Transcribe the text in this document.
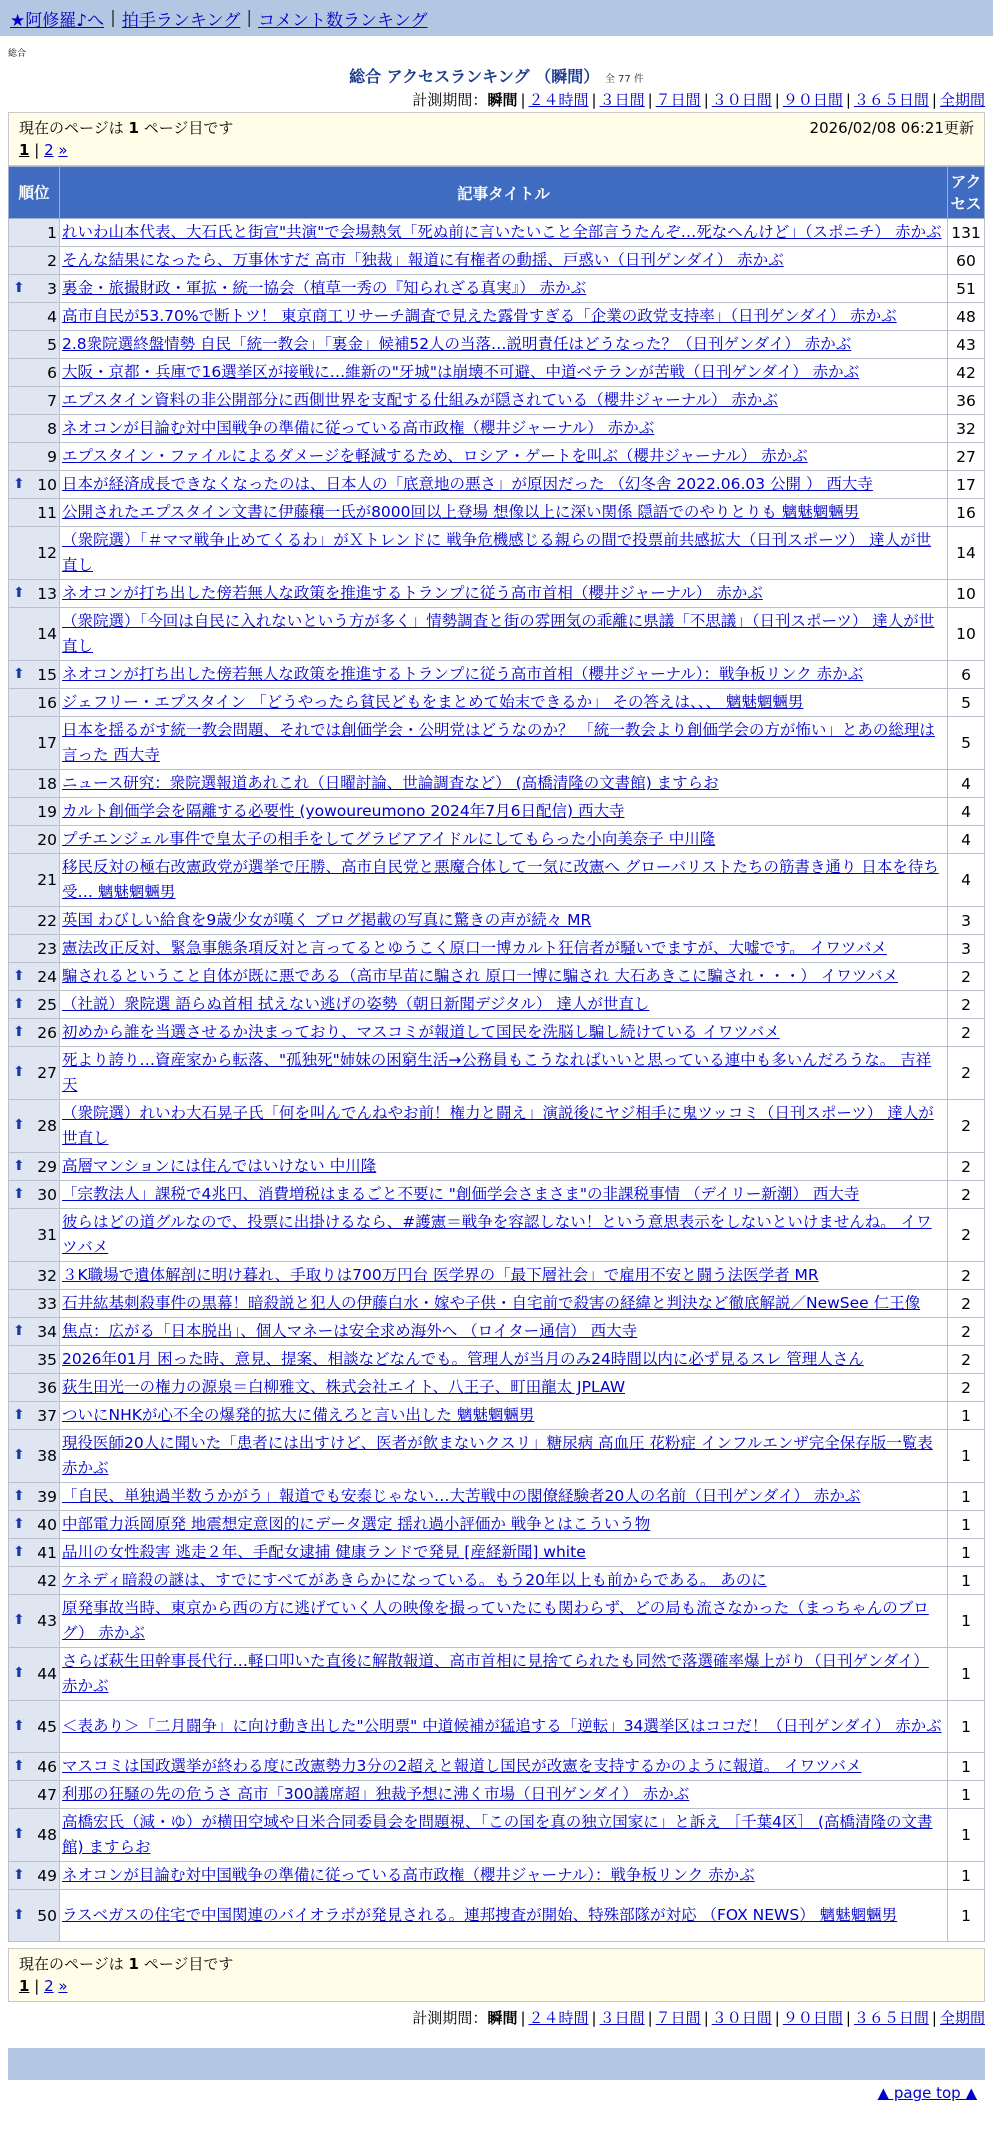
★阿修羅♪へ | 拍手ランキング | コメント数ランキング
総合
総合 アクセスランキング （瞬間） 全 77 件
計測期間：瞬間 | ２４時間 | ３日間 | ７日間 | ３０日間 | ９０日間 | ３６５日間 | 全期間
現在のページは 1 ページ目です	2026/02/08 06:21更新
1 | 2 »
順位	記事タイトル	アクセス

1	れいわ山本代表、大石氏と街宣"共演"で会場熱気「死ぬ前に言いたいこと全部言うたんぞ…死なへんけど」（スポニチ） 赤かぶ	131
2	そんな結果になったら、万事休すだ 高市「独裁」報道に有権者の動揺、戸惑い（日刊ゲンダイ） 赤かぶ	60

⬆ 3	裏金・旅撮財政・軍拡・統一協会（植草一秀の『知られざる真実』） 赤かぶ	51
4	高市自民が53.70%で断トツ！ 東京商工リサーチ調査で見えた露骨すぎる「企業の政党支持率」（日刊ゲンダイ） 赤かぶ	48
5	2.8衆院選終盤情勢 自民「統一教会」「裏金」候補52人の当落…説明責任はどうなった？（日刊ゲンダイ） 赤かぶ	43
6	大阪・京都・兵庫で16選挙区が接戦に…維新の"牙城"は崩壊不可避、中道ベテランが苦戦（日刊ゲンダイ） 赤かぶ	42
7	エプスタイン資料の非公開部分に西側世界を支配する仕組みが隠されている（櫻井ジャーナル） 赤かぶ	36
8	ネオコンが目論む対中国戦争の準備に従っている高市政権（櫻井ジャーナル） 赤かぶ	32
9	エプスタイン・ファイルによるダメージを軽減するため、ロシア・ゲートを叫ぶ（櫻井ジャーナル） 赤かぶ	27

⬆ 10	日本が経済成長できなくなったのは、日本人の「底意地の悪さ」が原因だった （幻冬舎 2022.06.03 公開 ） 西大寺	17
11	公開されたエプスタイン文書に伊藤穰一氏が8000回以上登場 想像以上に深い関係 隠語でのやりとりも 魑魅魍魎男	16
12	（衆院選）「＃ママ戦争止めてくるわ」がＸトレンドに 戦争危機感じる親らの間で投票前共感拡大（日刊スポーツ） 達人が世直し	14

⬆ 13	ネオコンが打ち出した傍若無人な政策を推進するトランプに従う高市首相（櫻井ジャーナル） 赤かぶ	10
14	（衆院選）「今回は自民に入れないという方が多く」情勢調査と街の雰囲気の乖離に県議「不思議」（日刊スポーツ） 達人が世直し	10

⬆ 15	ネオコンが打ち出した傍若無人な政策を推進するトランプに従う高市首相（櫻井ジャーナル）：戦争板リンク 赤かぶ	6
16	ジェフリー・エプスタイン 「どうやったら貧民どもをまとめて始末できるか」 その答えは、、、 魑魅魍魎男	5
17	日本を揺るがす統一教会問題、それでは創価学会・公明党はどうなのか？ 「統一教会より創価学会の方が怖い」とあの総理は言った 西大寺	5
18	ニュース研究：衆院選報道あれこれ（日曜討論、世論調査など） (高橋清隆の文書館) ますらお	4
19	カルト創価学会を隔離する必要性 (yowoureumono 2024年7月6日配信) 西大寺	4
20	プチエンジェル事件で皇太子の相手をしてグラビアアイドルにしてもらった小向美奈子 中川隆	4
21	移民反対の極右改憲政党が選挙で圧勝、高市自民党と悪魔合体して一気に改憲へ グローバリストたちの筋書き通り 日本を待ち受… 魑魅魍魎男	4
22	英国 わびしい給食を9歳少女が嘆く ブログ掲載の写真に驚きの声が続々 MR	3
23	憲法改正反対、緊急事態条項反対と言ってるとゆうこく原口一博カルト狂信者が騒いでますが、大嘘です。 イワツバメ	3

⬆ 24	騙されるということ自体が既に悪である（高市早苗に騙され 原口一博に騙され 大石あきこに騙され・・・） イワツバメ	2

⬆ 25	（社説）衆院選 語らぬ首相 拭えない逃げの姿勢（朝日新聞デジタル） 達人が世直し	2

⬆ 26	初めから誰を当選させるか決まっており、マスコミが報道して国民を洗脳し騙し続けている イワツバメ	2

⬆ 27	死より誇り…資産家から転落、"孤独死"姉妹の困窮生活→公務員もこうなればいいと思っている連中も多いんだろうな。 吉祥天	2

⬆ 28	（衆院選）れいわ大石晃子氏「何を叫んでんねやお前！権力と闘え」演説後にヤジ相手に鬼ツッコミ（日刊スポーツ） 達人が世直し	2

⬆ 29	高層マンションには住んではいけない 中川隆	2

⬆ 30	「宗教法人」課税で4兆円、消費増税はまるごと不要に "創価学会さまさま"の非課税事情 （デイリー新潮） 西大寺	2
31	彼らはどの道グルなので、投票に出掛けるなら、#護憲＝戦争を容認しない！という意思表示をしないといけませんね。 イワツバメ	2
32	３K職場で遺体解剖に明け暮れ、手取りは700万円台 医学界の「最下層社会」で雇用不安と闘う法医学者 MR	2
33	石井紘基刺殺事件の黒幕！暗殺説と犯人の伊藤白水・嫁や子供・自宅前で殺害の経緯と判決など徹底解説／NewSee 仁王像	2

⬆ 34	焦点：広がる「日本脱出」、個人マネーは安全求め海外へ （ロイター通信） 西大寺	2
35	2026年01月 困った時、意見、提案、相談などなんでも。管理人が当月のみ24時間以内に必ず見るスレ 管理人さん	2
36	荻生田光一の権力の源泉＝白柳雅文、株式会社エイト、八王子、町田龍太 JPLAW	2

⬆ 37	ついにNHKが心不全の爆発的拡大に備えろと言い出した 魑魅魍魎男	1

⬆ 38	現役医師20人に聞いた「患者には出すけど、医者が飲まないクスリ」糖尿病 高血圧 花粉症 インフルエンザ完全保存版一覧表 赤かぶ	1

⬆ 39	「自民、単独過半数うかがう」報道でも安泰じゃない…大苦戦中の閣僚経験者20人の名前（日刊ゲンダイ） 赤かぶ	1

⬆ 40	中部電力浜岡原発 地震想定意図的にデータ選定 揺れ過小評価か 戦争とはこういう物	1

⬆ 41	品川の女性殺害 逃走２年、手配女逮捕 健康ランドで発見 [産経新聞] white	1
42	ケネディ暗殺の謎は、すでにすべてがあきらかになっている。もう20年以上も前からである。 あのに	1

⬆ 43	原発事故当時、東京から西の方に逃げていく人の映像を撮っていたにも関わらず、どの局も流さなかった（まっちゃんのブログ） 赤かぶ	1

⬆ 44	さらば萩生田幹事長代行…軽口叩いた直後に解散報道、高市首相に見捨てられたも同然で落選確率爆上がり（日刊ゲンダイ） 赤かぶ	1

⬆ 45	＜表あり＞「二月闘争」に向け動き出した"公明票" 中道候補が猛追する「逆転」34選挙区はココだ！（日刊ゲンダイ） 赤かぶ	1

⬆ 46	マスコミは国政選挙が終わる度に改憲勢力3分の2超えと報道し国民が改憲を支持するかのように報道。 イワツバメ	1
47	利那の狂騒の先の危うさ 高市「300議席超」独裁予想に沸く市場（日刊ゲンダイ） 赤かぶ	1

⬆ 48	高橋宏氏（減・ゆ）が横田空域や日米合同委員会を問題視、「この国を真の独立国家に」と訴え ［千葉4区］ (高橋清隆の文書館) ますらお	1

⬆ 49	ネオコンが目論む対中国戦争の準備に従っている高市政権（櫻井ジャーナル）：戦争板リンク 赤かぶ	1

⬆ 50	ラスベガスの住宅で中国関連のバイオラボが発見される。連邦捜査が開始、特殊部隊が対応 （FOX NEWS） 魑魅魍魎男	1
現在のページは 1 ページ目です
1 | 2 »
計測期間：瞬間 | ２４時間 | ３日間 | ７日間 | ３０日間 | ９０日間 | ３６５日間 | 全期間
▲ page top ▲
